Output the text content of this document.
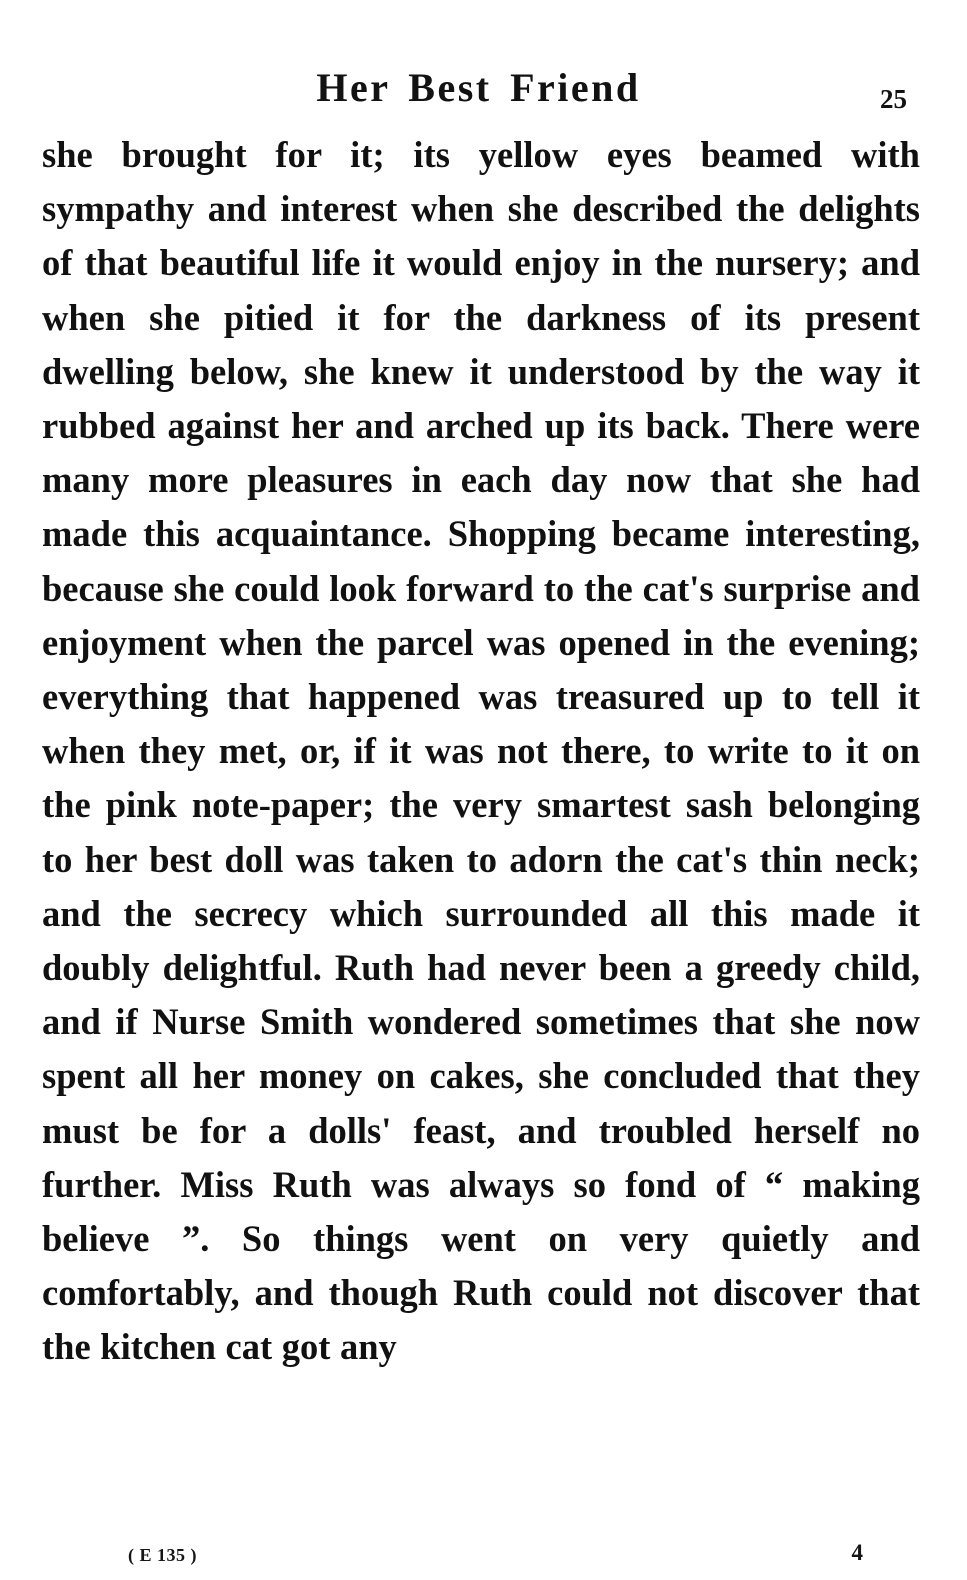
Her Best Friend	25

she brought for it; its yellow eyes beamed with sympathy and interest when she described the delights of that beautiful life it would enjoy in the nursery; and when she pitied it for the darkness of its present dwelling below, she knew it understood by the way it rubbed against her and arched up its back. There were many more pleasures in each day now that she had made this acquaintance. Shopping became interesting, because she could look forward to the cat's surprise and enjoyment when the parcel was opened in the evening; everything that happened was treasured up to tell it when they met, or, if it was not there, to write to it on the pink note-paper; the very smartest sash belonging to her best doll was taken to adorn the cat's thin neck; and the secrecy which surrounded all this made it doubly delightful. Ruth had never been a greedy child, and if Nurse Smith wondered sometimes that she now spent all her money on cakes, she concluded that they must be for a dolls' feast, and troubled herself no further. Miss Ruth was always so fond of “ making believe ”. So things went on very quietly and comfortably, and though Ruth could not discover that the kitchen cat got any

( E 135 )	4
